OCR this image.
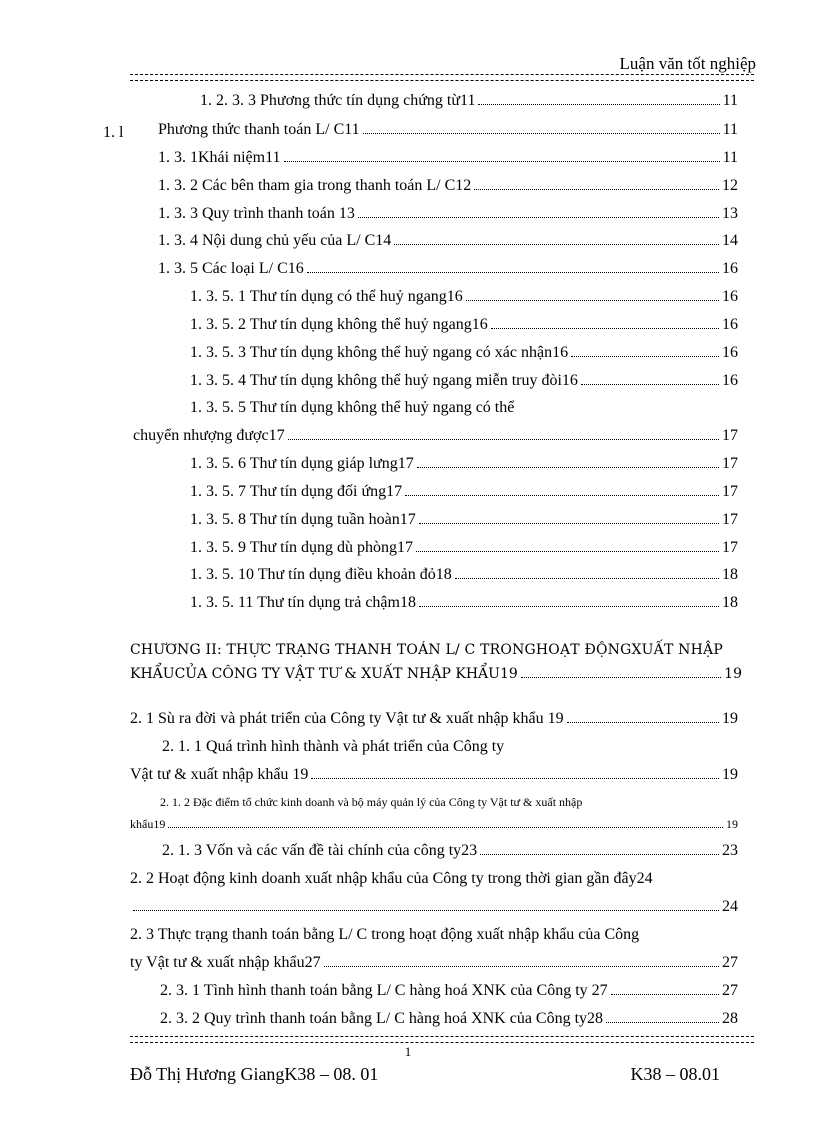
Luận văn tốt nghiệp
1. l
1. 2. 3. 3 Phương thức tín dụng chứng từ11	11
Phương thức thanh toán L/ C11	11
1. 3. 1Khái niệm11	11
1. 3. 2 Các bên tham gia trong thanh toán L/ C12	12
1. 3. 3 Quy trình thanh toán 13	13
1. 3. 4 Nội dung chủ yếu của L/ C14	14
1. 3. 5 Các loại L/ C16	16
1. 3. 5. 1 Thư tín dụng có thể huỷ ngang16	16
1. 3. 5. 2 Thư tín dụng không thể huỷ ngang16	16
1. 3. 5. 3 Thư tín dụng không thể huỷ ngang có xác nhận16	16
1. 3. 5. 4 Thư tín dụng không thể huỷ ngang miễn truy đòi16	16
1. 3. 5. 5 Thư tín dụng không thể huỷ ngang có thể
chuyển nhượng được17	17
1. 3. 5. 6 Thư tín dụng giáp lưng17	17
1. 3. 5. 7 Thư tín dụng đối ứng17	17
1. 3. 5. 8 Thư tín dụng tuần hoàn17	17
1. 3. 5. 9 Thư tín dụng dù phòng17	17
1. 3. 5. 10 Thư tín dụng điều khoản đỏ18	18
1. 3. 5. 11 Thư tín dụng trả chậm18	18
CHƯƠNG II: THỰC TRẠNG THANH TOÁN L/ C TRONGHOẠT ĐỘNGXUẤT NHẬP
KHẨUCỦA CÔNG TY VẬT TƯ & XUẤT NHẬP KHẨU19	19
2. 1 Sù ra đời và phát triển của Công ty Vật tư & xuất nhập khẩu 19	19
2. 1. 1 Quá trình hình thành và phát triển của Công ty
Vật tư & xuất nhập khẩu 19	19
2. 1. 2 Đặc điểm tổ chức kinh doanh và bộ máy quản lý của Công ty Vật tư & xuất nhập
khẩu19	19
2. 1. 3 Vốn và các vấn đề tài chính của công ty23	23
2. 2 Hoạt động kinh doanh xuất nhập khẩu của Công ty trong thời gian gần đây24
24
2. 3 Thực trạng thanh toán bằng L/ C trong hoạt động xuất nhập khẩu của Công
ty Vật tư & xuất nhập khẩu27	27
2. 3. 1 Tình hình thanh toán bằng L/ C hàng hoá XNK của Công ty 27	27
2. 3. 2 Quy trình thanh toán bằng L/ C hàng hoá XNK của Công ty28	28
1
Đỗ Thị Hương GiangK38 – 08. 01	K38 – 08.01
